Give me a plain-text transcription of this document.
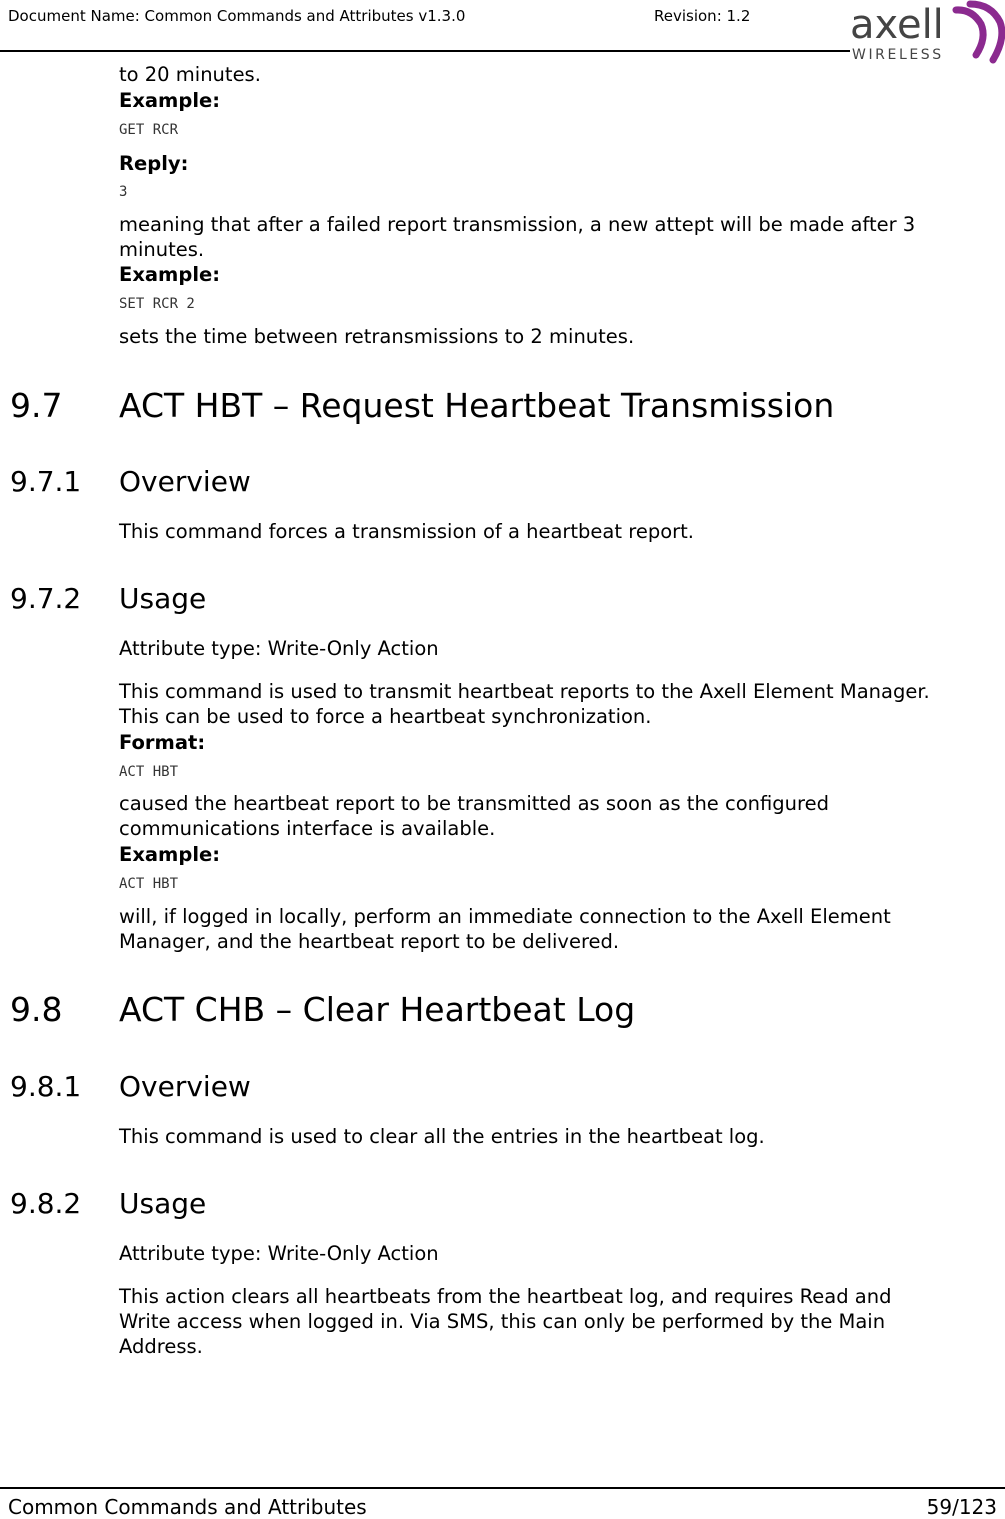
Document Name: Common Commands and Attributes v1.3.0	Revision: 1.2 axell
WIRELESS
to 20 minutes.
Example:
GET RCR
Reply:
3
meaning that after a failed report transmission, a new attept will be made after 3
minutes.
Example:
SET RCR 2
sets the time between retransmissions to 2 minutes.
9.7 ACT HBT – Request Heartbeat Transmission
9.7.1 Overview
This command forces a transmission of a heartbeat report.
9.7.2 Usage
Attribute type: Write-Only Action
This command is used to transmit heartbeat reports to the Axell Element Manager.
This can be used to force a heartbeat synchronization.
Format:
ACT HBT
caused the heartbeat report to be transmitted as soon as the configured
communications interface is available.
Example:
ACT HBT
will, if logged in locally, perform an immediate connection to the Axell Element
Manager, and the heartbeat report to be delivered.
9.8 ACT CHB – Clear Heartbeat Log
9.8.1 Overview
This command is used to clear all the entries in the heartbeat log.
9.8.2 Usage
Attribute type: Write-Only Action
This action clears all heartbeats from the heartbeat log, and requires Read and
Write access when logged in. Via SMS, this can only be performed by the Main
Address.
Common Commands and Attributes	59/123
